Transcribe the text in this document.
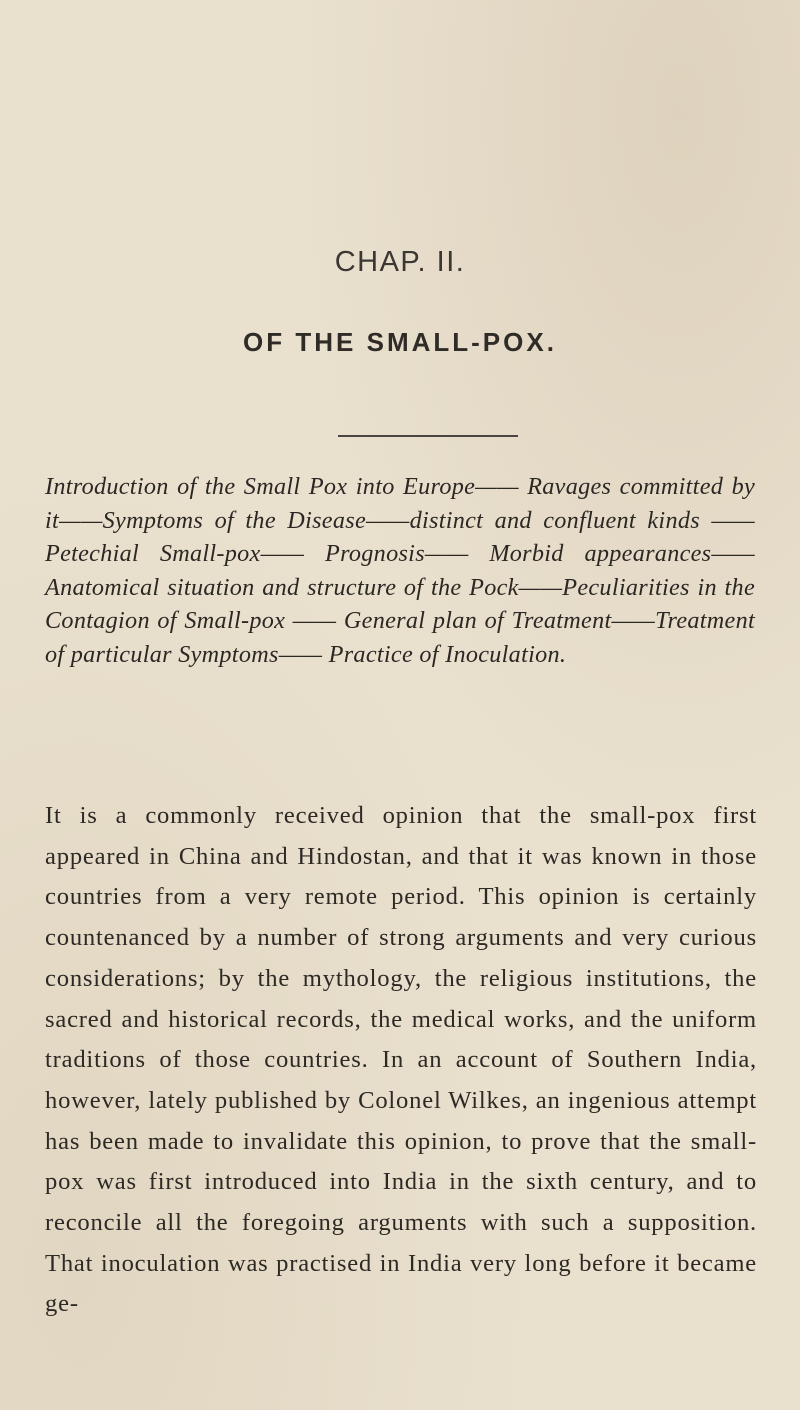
CHAP. II.
OF THE SMALL-POX.
Introduction of the Small Pox into Europe—— Ravages committed by it——Symptoms of the Disease——distinct and confluent kinds —— Petechial Small-pox—— Prognosis—— Morbid appearances——Anatomical situation and structure of the Pock——Peculiarities in the Contagion of Small-pox —— General plan of Treatment——Treatment of particular Symptoms—— Practice of Inoculation.
It is a commonly received opinion that the small-pox first appeared in China and Hindostan, and that it was known in those countries from a very remote period. This opinion is certainly countenanced by a number of strong arguments and very curious considerations; by the mythology, the religious institutions, the sacred and historical records, the medical works, and the uniform traditions of those countries. In an account of Southern India, however, lately published by Colonel Wilkes, an ingenious attempt has been made to invalidate this opinion, to prove that the small-pox was first introduced into India in the sixth century, and to reconcile all the foregoing arguments with such a supposition. That inoculation was practised in India very long before it became ge-
